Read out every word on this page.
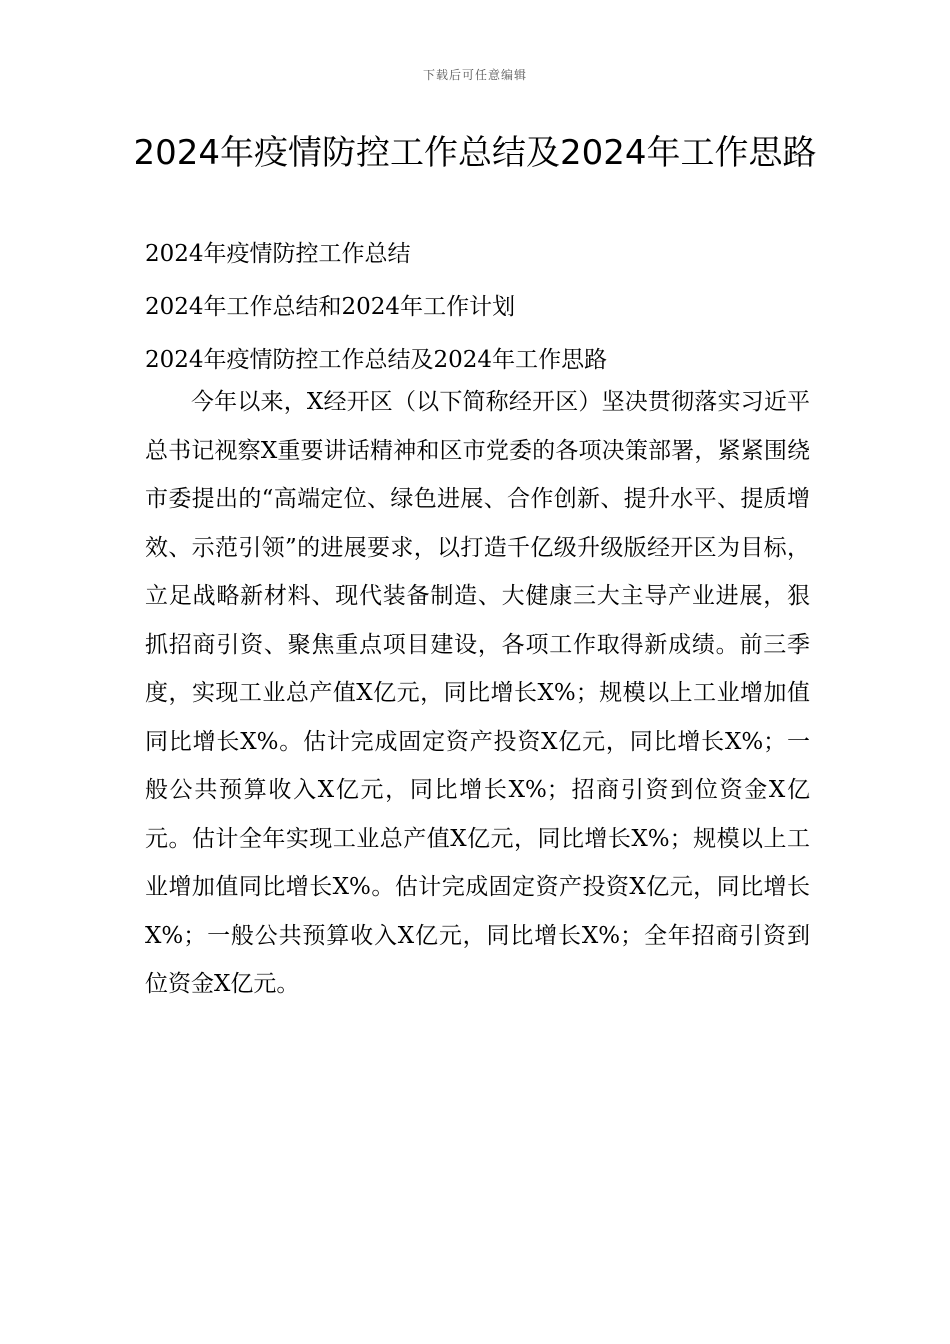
下载后可任意编辑
2024年疫情防控工作总结及2024年工作思路
2024年疫情防控工作总结
2024年工作总结和2024年工作计划
2024年疫情防控工作总结及2024年工作思路

今年以来，X经开区（以下简称经开区）坚决贯彻落实习近平总书记视察X重要讲话精神和区市党委的各项决策部署，紧紧围绕市委提出的“高端定位、绿色进展、合作创新、提升水平、提质增效、示范引领”的进展要求，以打造千亿级升级版经开区为目标，立足战略新材料、现代装备制造、大健康三大主导产业进展，狠抓招商引资、聚焦重点项目建设，各项工作取得新成绩。前三季度，实现工业总产值X亿元，同比增长X%；规模以上工业增加值同比增长X%。估计完成固定资产投资X亿元，同比增长X%；一般公共预算收入X亿元，同比增长X%；招商引资到位资金X亿元。估计全年实现工业总产值X亿元，同比增长X%；规模以上工业增加值同比增长X%。估计完成固定资产投资X亿元，同比增长X%；一般公共预算收入X亿元，同比增长X%；全年招商引资到位资金X亿元。
